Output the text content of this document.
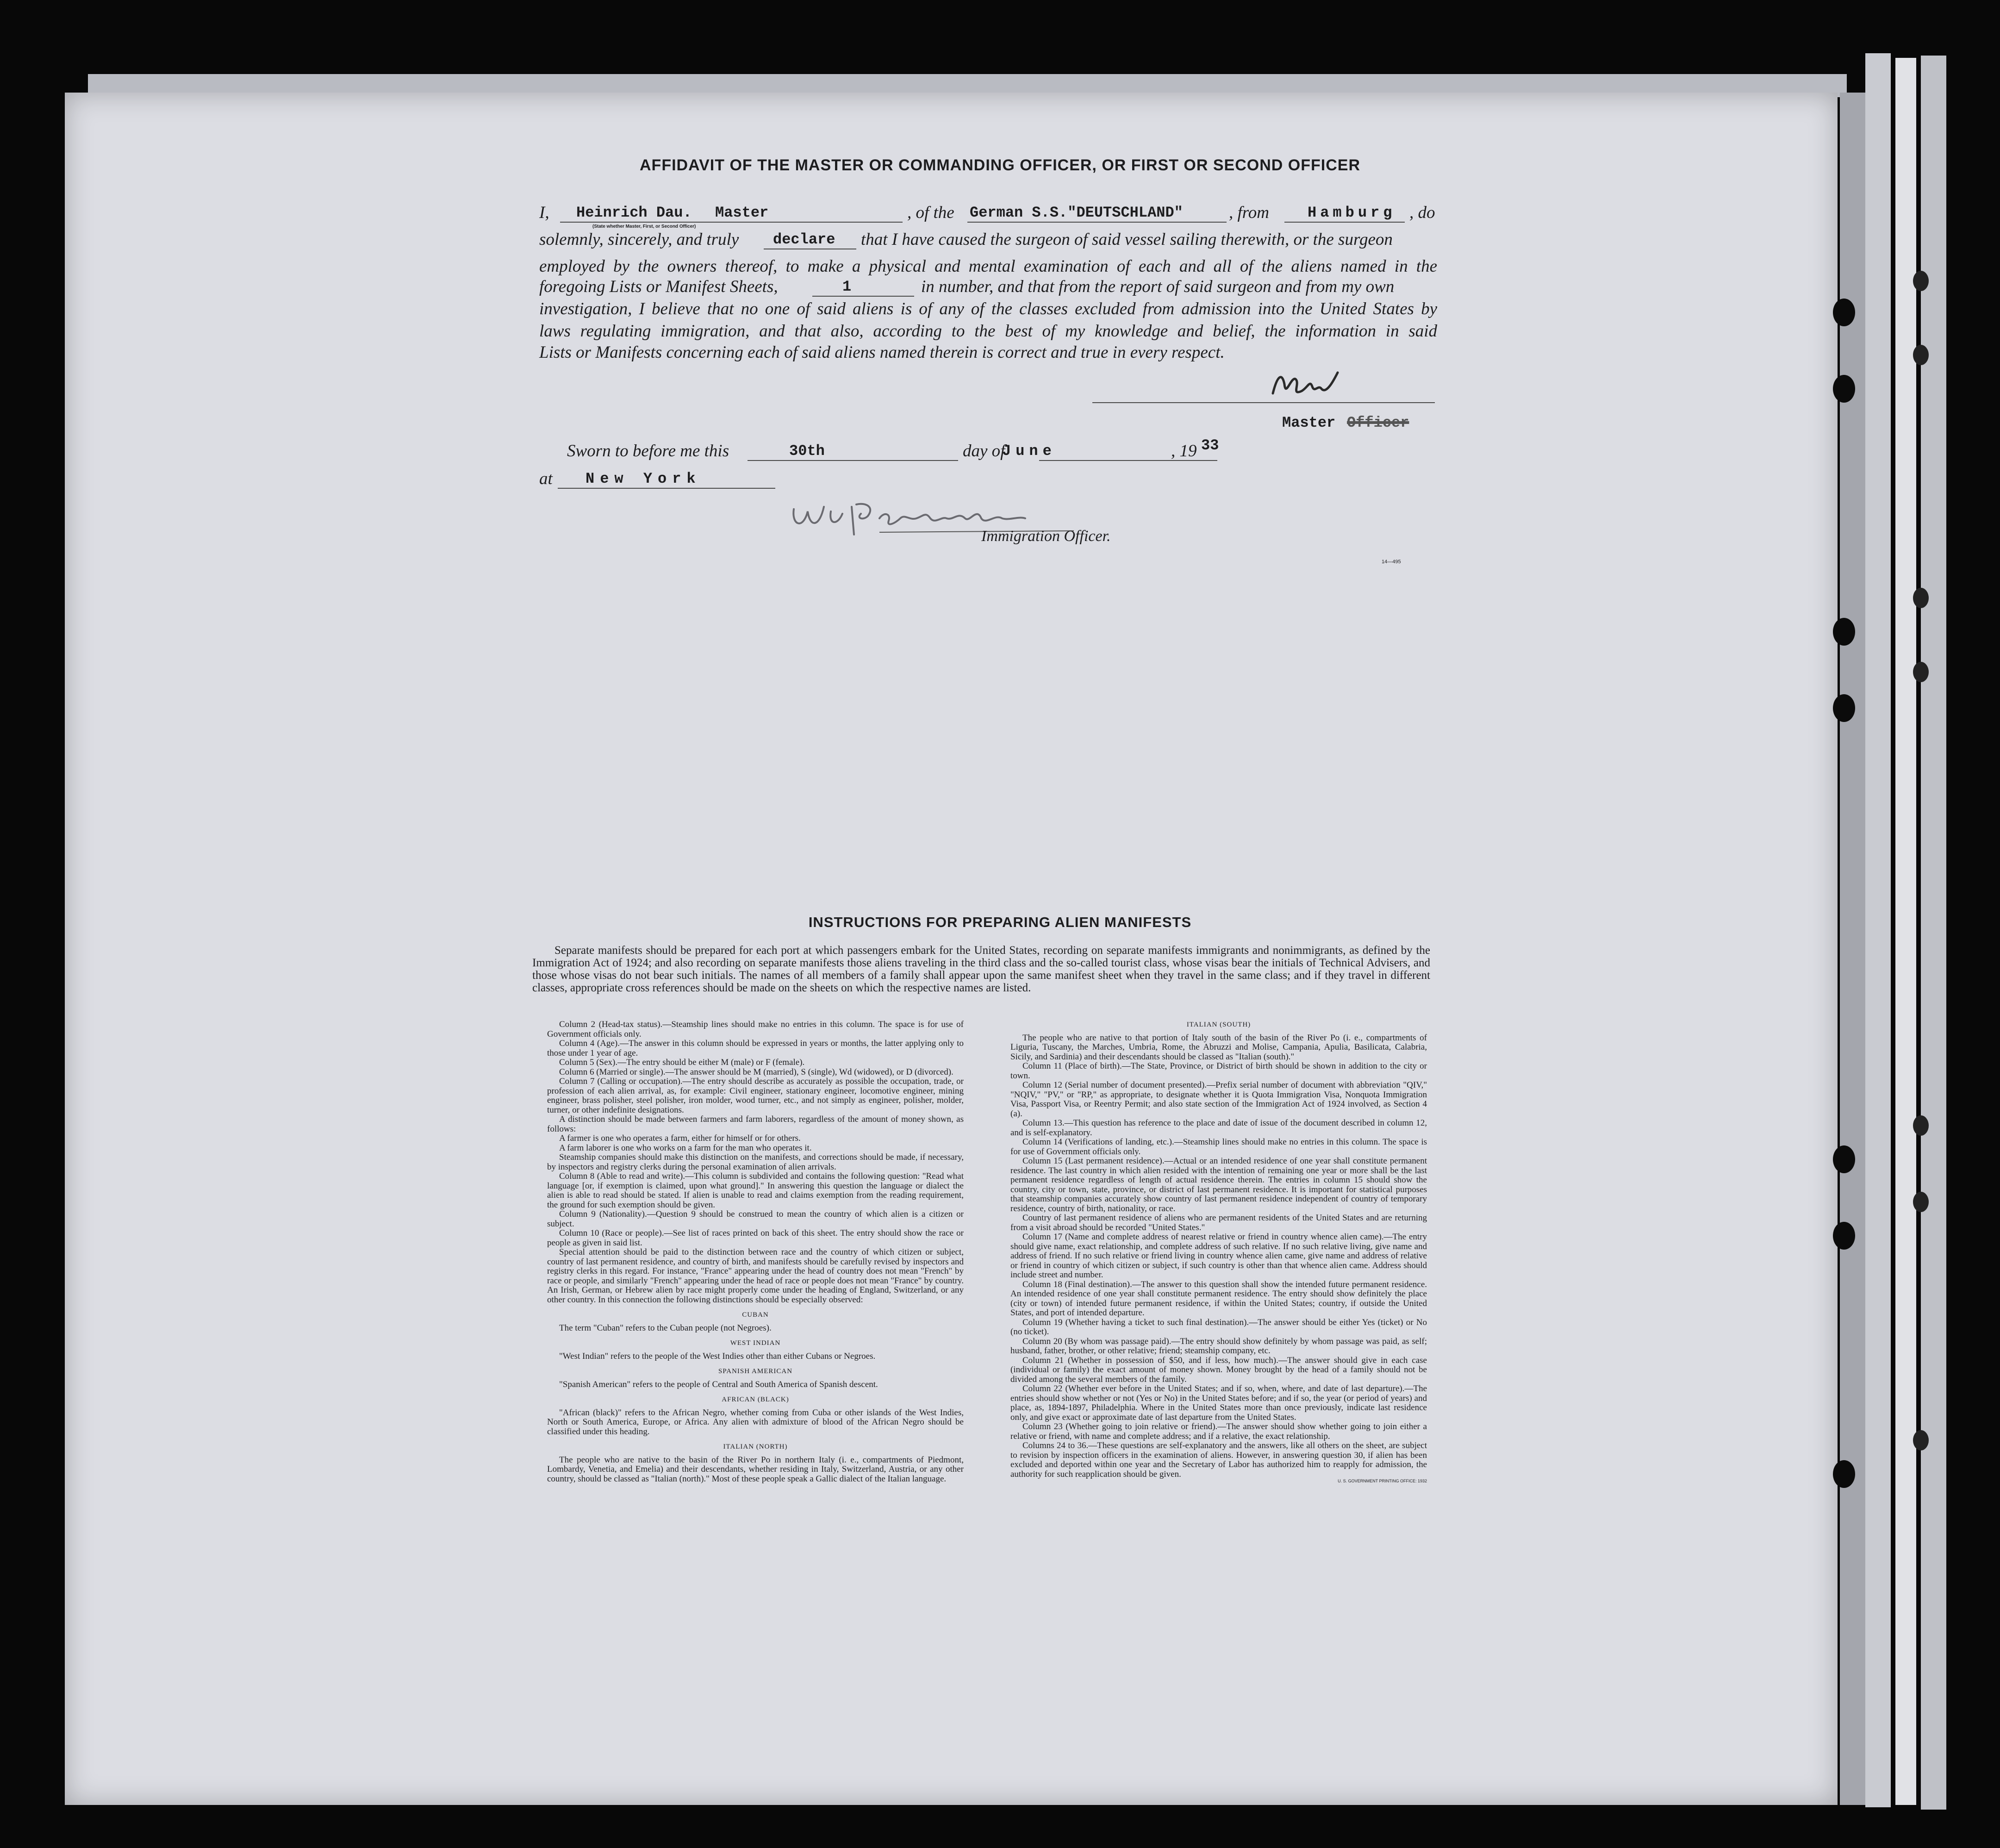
AFFIDAVIT OF THE MASTER OR COMMANDING OFFICER, OR FIRST OR SECOND OFFICER
I, Heinrich Dau. Master	, of the German S.S."DEUTSCHLAND"	, from	Hamburg , do
(State whether Master, First, or Second Officer)
solemnly, sincerely, and truly declare that I have caused the surgeon of said vessel sailing therewith, or the surgeon
employed by the owners thereof, to make a physical and mental examination of each and all of the aliens named in the
foregoing Lists or Manifest Sheets,	1	in number, and that from the report of said surgeon and from my own
investigation, I believe that no one of said aliens is of any of the classes excluded from admission into the United States by
laws regulating immigration, and that also, according to the best of my knowledge and belief, the information in said
Lists or Manifests concerning each of said aliens named therein is correct and true in every respect.
Master Officer
Sworn to before me this	30th	day of
June	, 19 33
at New York
Immigration Officer.
14—495
INSTRUCTIONS FOR PREPARING ALIEN MANIFESTS
Separate manifests should be prepared for each port at which passengers embark for the United States, recording on separate manifests immigrants and nonimmigrants, as defined by the Immigration Act of 1924; and also recording on separate manifests those aliens traveling in the third class and the so-called tourist class, whose visas bear the initials of Technical Advisers, and those whose visas do not bear such initials. The names of all members of a family shall appear upon the same manifest sheet when they travel in the same class; and if they travel in different classes, appropriate cross references should be made on the sheets on which the respective names are listed.

Column 2 (Head-tax status).—Steamship lines should make no entries in this column. The space is for use of Government officials only.

Column 4 (Age).—The answer in this column should be expressed in years or months, the latter applying only to those under 1 year of age.

Column 5 (Sex).—The entry should be either M (male) or F (female).

Column 6 (Married or single).—The answer should be M (married), S (single), Wd (widowed), or D (divorced).

Column 7 (Calling or occupation).—The entry should describe as accurately as possible the occupation, trade, or profession of each alien arrival, as, for example: Civil engineer, stationary engineer, locomotive engineer, mining engineer, brass polisher, steel polisher, iron molder, wood turner, etc., and not simply as engineer, polisher, molder, turner, or other indefinite designations.

A distinction should be made between farmers and farm laborers, regardless of the amount of money shown, as follows:

A farmer is one who operates a farm, either for himself or for others.

A farm laborer is one who works on a farm for the man who operates it.

Steamship companies should make this distinction on the manifests, and corrections should be made, if necessary, by inspectors and registry clerks during the personal examination of alien arrivals.

Column 8 (Able to read and write).—This column is subdivided and contains the following question: "Read what language [or, if exemption is claimed, upon what ground]." In answering this question the language or dialect the alien is able to read should be stated. If alien is unable to read and claims exemption from the reading requirement, the ground for such exemption should be given.

Column 9 (Nationality).—Question 9 should be construed to mean the country of which alien is a citizen or subject.

Column 10 (Race or people).—See list of races printed on back of this sheet. The entry should show the race or people as given in said list.

Special attention should be paid to the distinction between race and the country of which citizen or subject, country of last permanent residence, and country of birth, and manifests should be carefully revised by inspectors and registry clerks in this regard. For instance, "France" appearing under the head of country does not mean "French" by race or people, and similarly "French" appearing under the head of race or people does not mean "France" by country. An Irish, German, or Hebrew alien by race might properly come under the heading of England, Switzerland, or any other country. In this connection the following distinctions should be especially observed:

CUBAN

The term "Cuban" refers to the Cuban people (not Negroes).

WEST INDIAN

"West Indian" refers to the people of the West Indies other than either Cubans or Negroes.

SPANISH AMERICAN

"Spanish American" refers to the people of Central and South America of Spanish descent.

AFRICAN (BLACK)

"African (black)" refers to the African Negro, whether coming from Cuba or other islands of the West Indies, North or South America, Europe, or Africa. Any alien with admixture of blood of the African Negro should be classified under this heading.

ITALIAN (NORTH)

The people who are native to the basin of the River Po in northern Italy (i. e., compartments of Piedmont, Lombardy, Venetia, and Emelia) and their descendants, whether residing in Italy, Switzerland, Austria, or any other country, should be classed as "Italian (north)." Most of these people speak a Gallic dialect of the Italian language.

ITALIAN (SOUTH)

The people who are native to that portion of Italy south of the basin of the River Po (i. e., compartments of Liguria, Tuscany, the Marches, Umbria, Rome, the Abruzzi and Molise, Campania, Apulia, Basilicata, Calabria, Sicily, and Sardinia) and their descendants should be classed as "Italian (south)."

Column 11 (Place of birth).—The State, Province, or District of birth should be shown in addition to the city or town.

Column 12 (Serial number of document presented).—Prefix serial number of document with abbreviation "QIV," "NQIV," "PV," or "RP," as appropriate, to designate whether it is Quota Immigration Visa, Nonquota Immigration Visa, Passport Visa, or Reentry Permit; and also state section of the Immigration Act of 1924 involved, as Section 4 (a).

Column 13.—This question has reference to the place and date of issue of the document described in column 12, and is self-explanatory.

Column 14 (Verifications of landing, etc.).—Steamship lines should make no entries in this column. The space is for use of Government officials only.

Column 15 (Last permanent residence).—Actual or an intended residence of one year shall constitute permanent residence. The last country in which alien resided with the intention of remaining one year or more shall be the last permanent residence regardless of length of actual residence therein. The entries in column 15 should show the country, city or town, state, province, or district of last permanent residence. It is important for statistical purposes that steamship companies accurately show country of last permanent residence independent of country of temporary residence, country of birth, nationality, or race.

Country of last permanent residence of aliens who are permanent residents of the United States and are returning from a visit abroad should be recorded "United States."

Column 17 (Name and complete address of nearest relative or friend in country whence alien came).—The entry should give name, exact relationship, and complete address of such relative. If no such relative living, give name and address of friend. If no such relative or friend living in country whence alien came, give name and address of relative or friend in country of which citizen or subject, if such country is other than that whence alien came. Address should include street and number.

Column 18 (Final destination).—The answer to this question shall show the intended future permanent residence. An intended residence of one year shall constitute permanent residence. The entry should show definitely the place (city or town) of intended future permanent residence, if within the United States; country, if outside the United States, and port of intended departure.

Column 19 (Whether having a ticket to such final destination).—The answer should be either Yes (ticket) or No (no ticket).

Column 20 (By whom was passage paid).—The entry should show definitely by whom passage was paid, as self; husband, father, brother, or other relative; friend; steamship company, etc.

Column 21 (Whether in possession of $50, and if less, how much).—The answer should give in each case (individual or family) the exact amount of money shown. Money brought by the head of a family should not be divided among the several members of the family.

Column 22 (Whether ever before in the United States; and if so, when, where, and date of last departure).—The entries should show whether or not (Yes or No) in the United States before; and if so, the year (or period of years) and place, as, 1894-1897, Philadelphia. Where in the United States more than once previously, indicate last residence only, and give exact or approximate date of last departure from the United States.

Column 23 (Whether going to join relative or friend).—The answer should show whether going to join either a relative or friend, with name and complete address; and if a relative, the exact relationship.

Columns 24 to 36.—These questions are self-explanatory and the answers, like all others on the sheet, are subject to revision by inspection officers in the examination of aliens. However, in answering question 30, if alien has been excluded and deported within one year and the Secretary of Labor has authorized him to reapply for admission, the authority for such reapplication should be given.

U. S. GOVERNMENT PRINTING OFFICE: 1932
